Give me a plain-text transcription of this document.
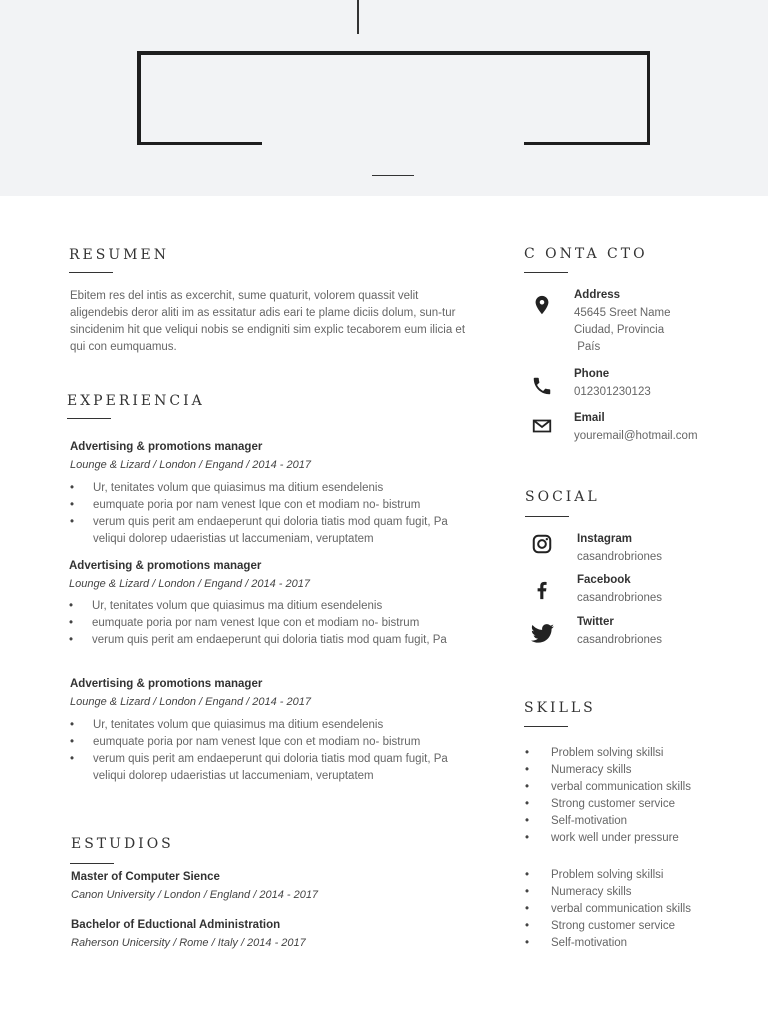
RESUMEN

Ebitem res del intis as excerchit, sume quaturit, volorem quassit velit aligendebis deror aliti im as essitatur adis eari te plame diciis dolum, sun-tur sincidenim hit que veliqui nobis se endigniti sim explic tecaborem eum ilicia et qui con eumquamus.

EXPERIENCIA
Advertising & promotions manager
Lounge & Lizard / London / Engand / 2014 - 2017
• Ur, tenitates volum que quiasimus ma ditium esendelenis
• eumquate poria por nam venest Ique con et modiam no- bistrum
• verum quis perit am endaeperunt qui doloria tiatis mod quam fugit, Pa veliqui dolorep udaeristias ut laccumeniam, veruptatem
Advertising & promotions manager
Lounge & Lizard / London / Engand / 2014 - 2017
• Ur, tenitates volum que quiasimus ma ditium esendelenis
• eumquate poria por nam venest Ique con et modiam no- bistrum
• verum quis perit am endaeperunt qui doloria tiatis mod quam fugit, Pa
Advertising & promotions manager
Lounge & Lizard / London / Engand / 2014 - 2017
• Ur, tenitates volum que quiasimus ma ditium esendelenis
• eumquate poria por nam venest Ique con et modiam no- bistrum
• verum quis perit am endaeperunt qui doloria tiatis mod quam fugit, Pa veliqui dolorep udaeristias ut laccumeniam, veruptatem
ESTUDIOS
Master of Computer Sience
Canon University / London / England / 2014 - 2017
Bachelor of Eductional Administration
Raherson Unicersity / Rome / Italy / 2014 - 2017
C ONTA CTO
Address
45645 Sreet Name
Ciudad, Provincia
País
Phone
012301230123
Email
youremail@hotmail.com
SOCIAL
Instagram
casandrobriones
Facebook
casandrobriones
Twitter
casandrobriones
SKILLS
• Problem solving skillsi
• Numeracy skills
• verbal communication skills
• Strong customer service
• Self-motivation
• work well under pressure
• Problem solving skillsi
• Numeracy skills
• verbal communication skills
• Strong customer service
• Self-motivation
